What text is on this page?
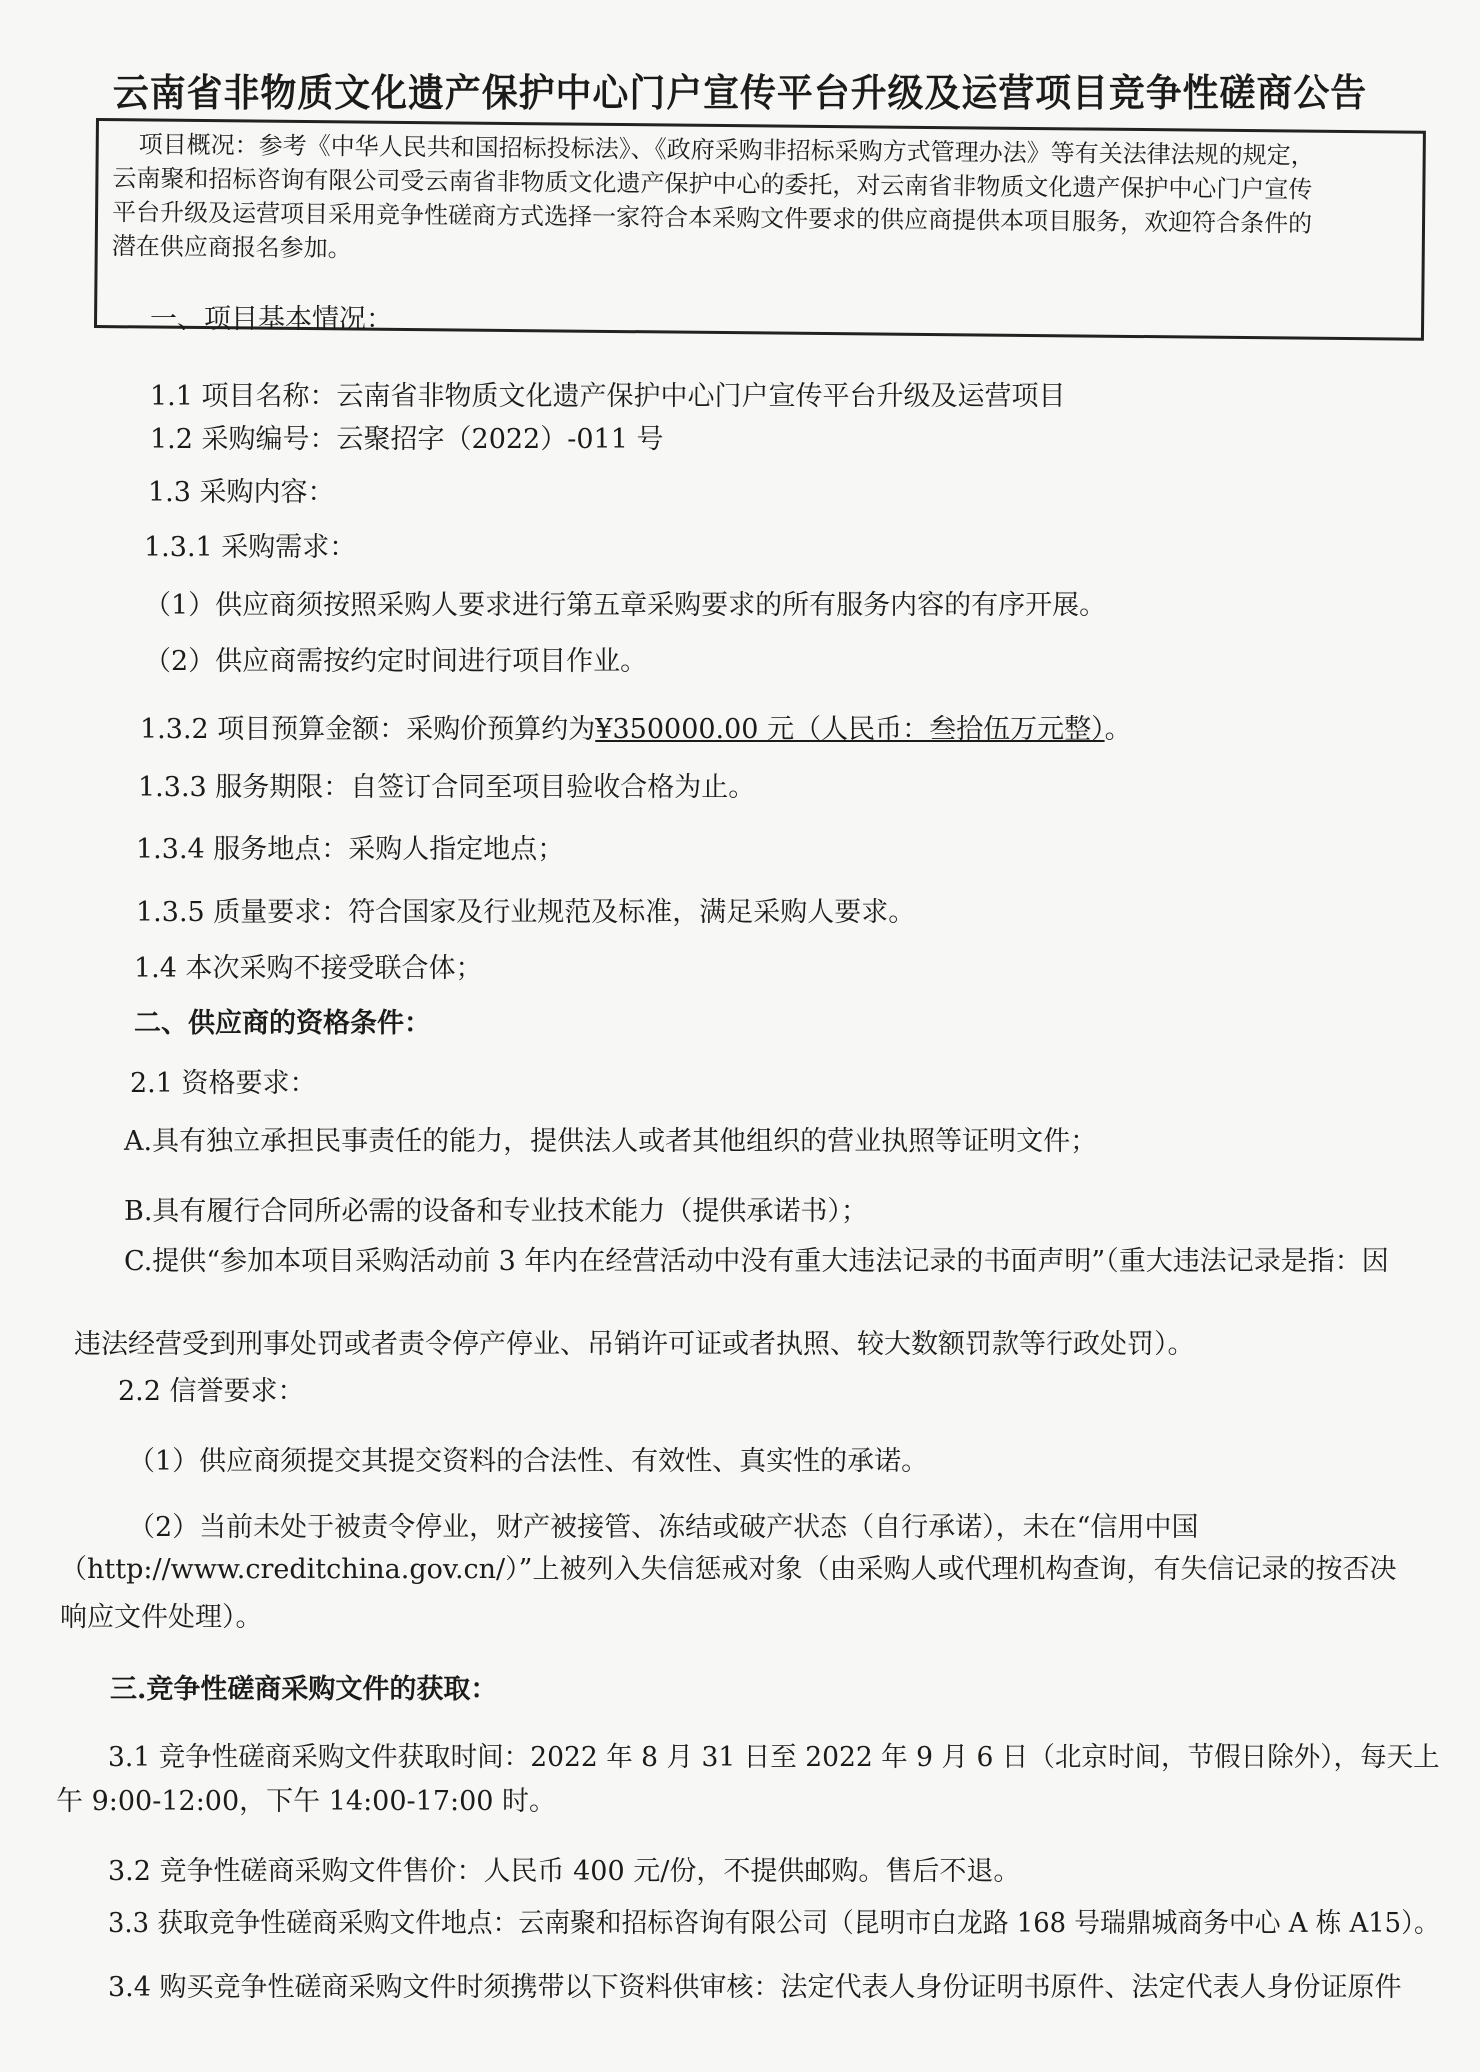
云南省非物质文化遗产保护中心门户宣传平台升级及运营项目竞争性磋商公告
项目概况：参考《中华人民共和国招标投标法》、《政府采购非招标采购方式管理办法》等有关法律法规的规定，
云南聚和招标咨询有限公司受云南省非物质文化遗产保护中心的委托，对云南省非物质文化遗产保护中心门户宣传
平台升级及运营项目采用竞争性磋商方式选择一家符合本采购文件要求的供应商提供本项目服务，欢迎符合条件的
潜在供应商报名参加。
一、项目基本情况：
1.1 项目名称：云南省非物质文化遗产保护中心门户宣传平台升级及运营项目
1.2 采购编号：云聚招字（2022）-011 号
1.3 采购内容：
1.3.1 采购需求：
（1）供应商须按照采购人要求进行第五章采购要求的所有服务内容的有序开展。
（2）供应商需按约定时间进行项目作业。
1.3.2 项目预算金额：采购价预算约为¥350000.00 元（人民币：叁拾伍万元整）。
1.3.3 服务期限：自签订合同至项目验收合格为止。
1.3.4 服务地点：采购人指定地点；
1.3.5 质量要求：符合国家及行业规范及标准，满足采购人要求。
1.4 本次采购不接受联合体；
二、供应商的资格条件：
2.1 资格要求：
A.具有独立承担民事责任的能力，提供法人或者其他组织的营业执照等证明文件；
B.具有履行合同所必需的设备和专业技术能力（提供承诺书）；
C.提供“参加本项目采购活动前 3 年内在经营活动中没有重大违法记录的书面声明”（重大违法记录是指：因
违法经营受到刑事处罚或者责令停产停业、吊销许可证或者执照、较大数额罚款等行政处罚）。
2.2 信誉要求：
（1）供应商须提交其提交资料的合法性、有效性、真实性的承诺。
（2）当前未处于被责令停业，财产被接管、冻结或破产状态（自行承诺），未在“信用中国
（http://www.creditchina.gov.cn/）”上被列入失信惩戒对象（由采购人或代理机构查询，有失信记录的按否决
响应文件处理）。
三.竞争性磋商采购文件的获取：
3.1 竞争性磋商采购文件获取时间：2022 年 8 月 31 日至 2022 年 9 月 6 日（北京时间，节假日除外），每天上
午 9:00-12:00，下午 14:00-17:00 时。
3.2 竞争性磋商采购文件售价：人民币 400 元/份，不提供邮购。售后不退。
3.3 获取竞争性磋商采购文件地点：云南聚和招标咨询有限公司（昆明市白龙路 168 号瑞鼎城商务中心 A 栋 A15）。
3.4 购买竞争性磋商采购文件时须携带以下资料供审核：法定代表人身份证明书原件、法定代表人身份证原件
